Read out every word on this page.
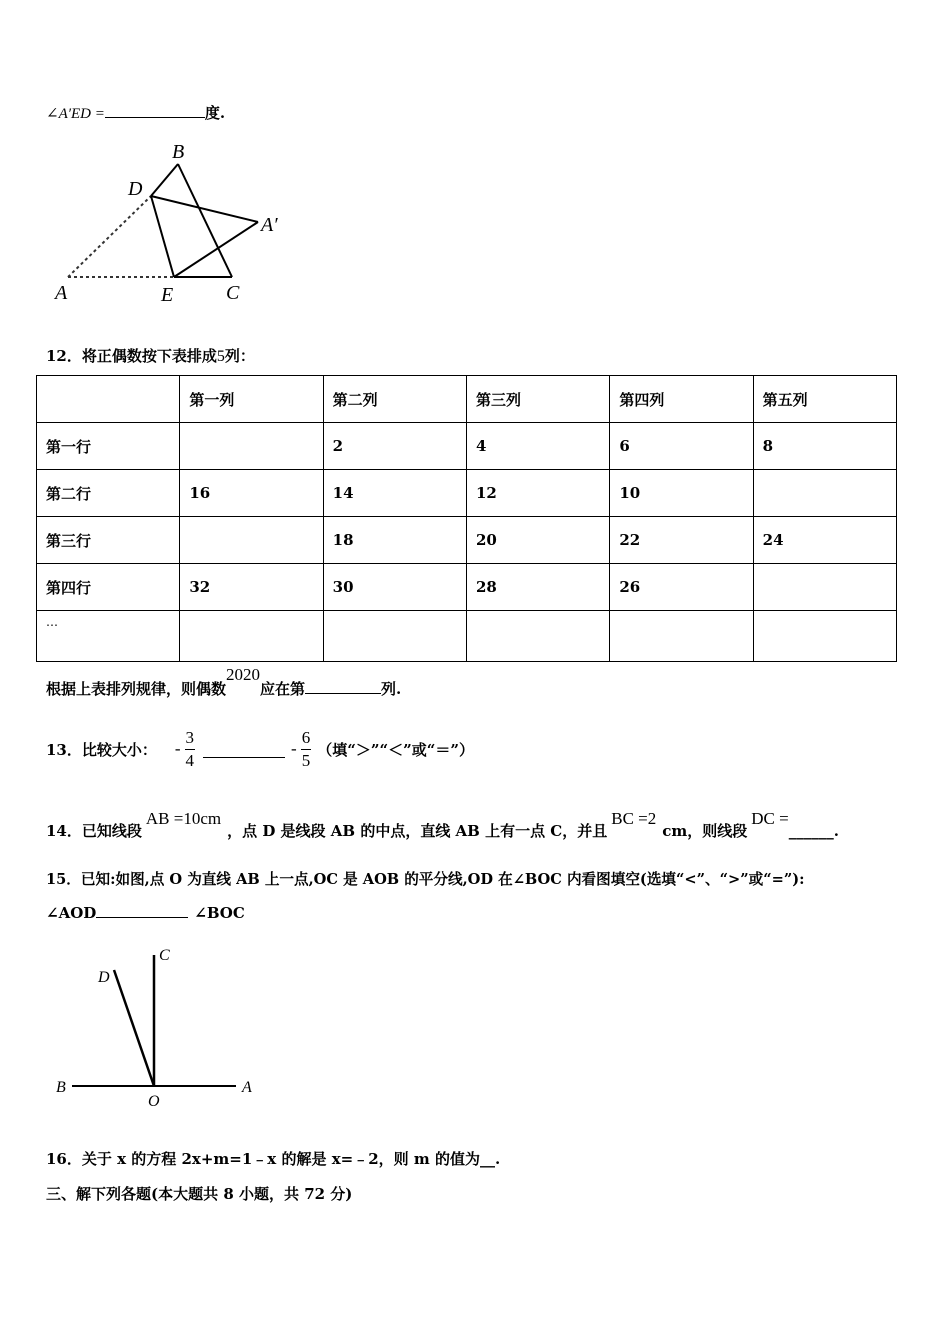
∠A′ED =	度.
B
D
A′
A	E	C
12．将正偶数按下表排成5列：
	第一列	第二列	第三列	第四列	第五列
第一行		2	4	6	8
第二行	16	14	12	10	
第三行		18	20	22	24
第四行	32	30	28	26	
…					
根据上表排列规律，则偶数2020应在第	列.
13．比较大小： - $\frac{3}{4}$	- $\frac{6}{5}$ （填“＞”“＜”或“＝”）
14．已知线段AB =10cm，点 D 是线段 AB 的中点，直线 AB 上有一点 C，并且BC =2cm，则线段DC =______.
15．已知:如图,点 O 为直线 AB 上一点,OC 是 AOB 的平分线,OD 在∠BOC 内看图填空(选填“<”、“>”或“=”):
∠AOD	∠BOC
C
D
B
O
A
16．关于 x 的方程 2x+m=1﹣x 的解是 x=﹣2，则 m 的值为__.
三、解下列各题(本大题共 8 小题，共 72 分)
